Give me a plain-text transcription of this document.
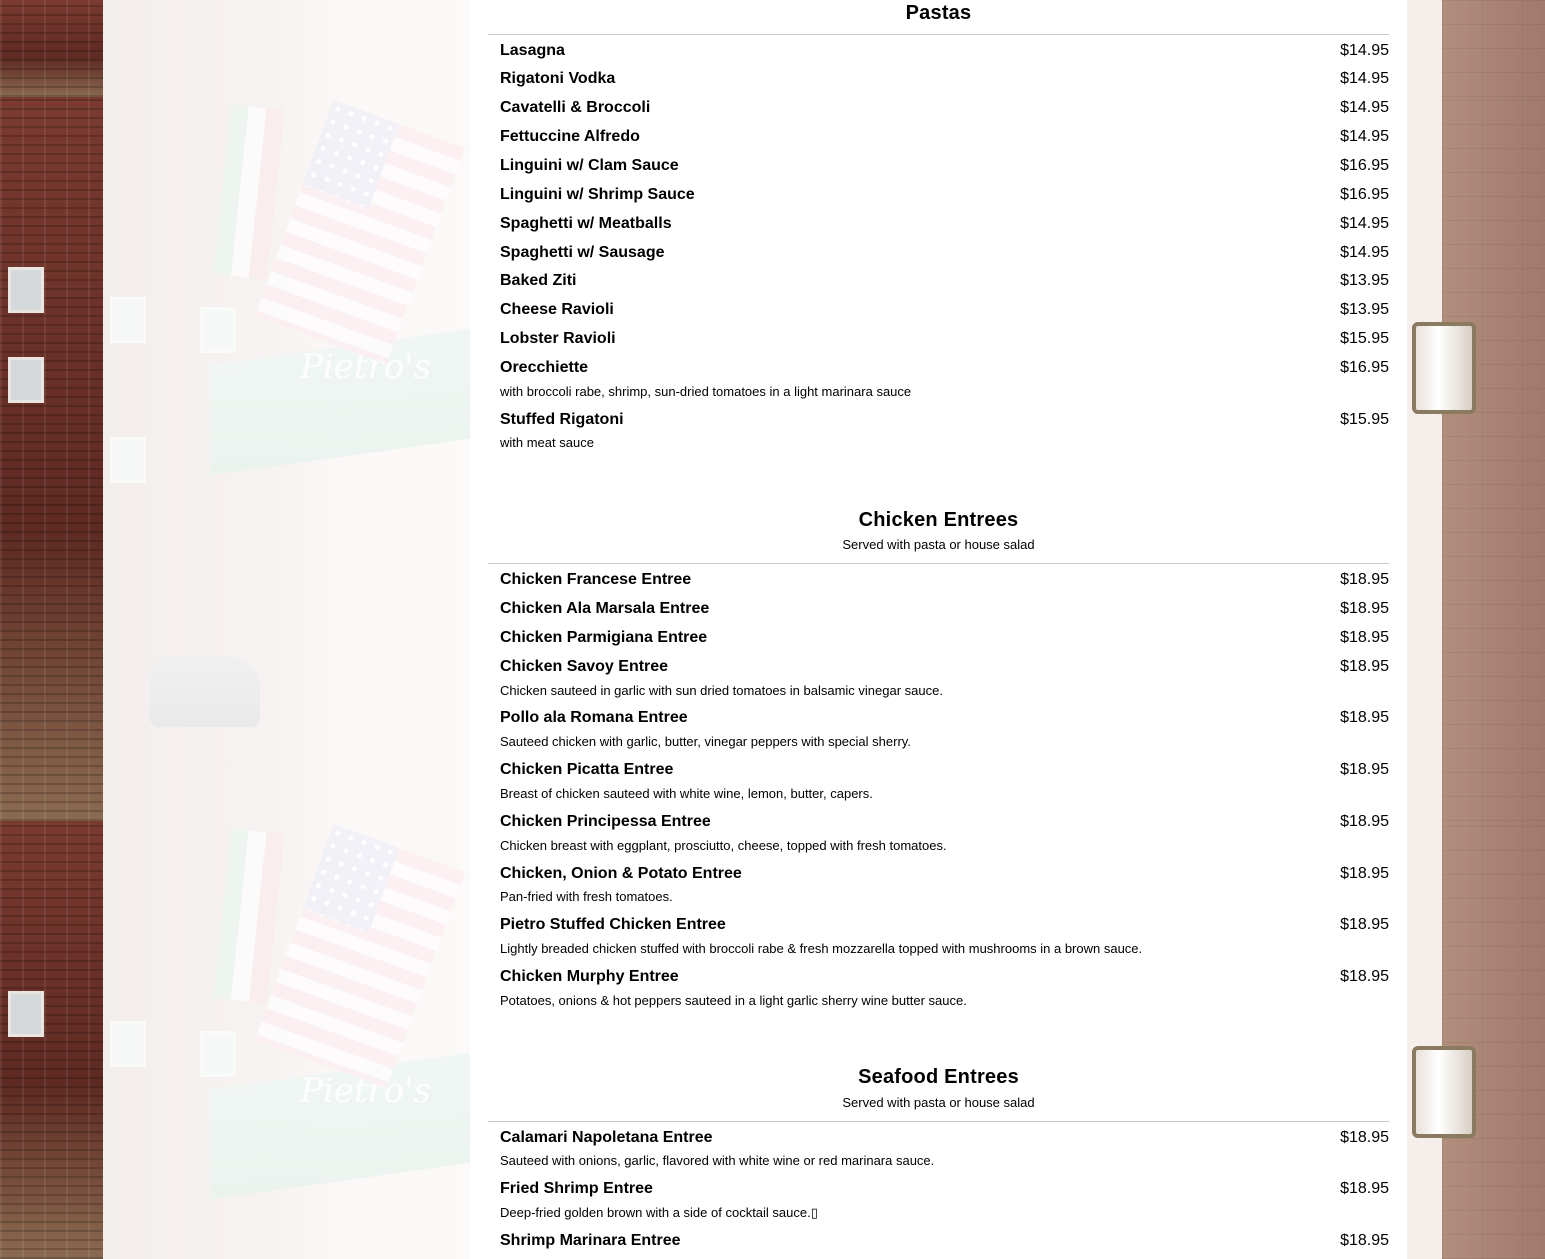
Pastas
Lasagna	$14.95
Rigatoni Vodka	$14.95
Cavatelli & Broccoli	$14.95
Fettuccine Alfredo	$14.95
Linguini w/ Clam Sauce	$16.95
Linguini w/ Shrimp Sauce	$16.95
Spaghetti w/ Meatballs	$14.95
Spaghetti w/ Sausage	$14.95
Baked Ziti	$13.95
Cheese Ravioli	$13.95
Lobster Ravioli	$15.95
Orecchiette	$16.95
with broccoli rabe, shrimp, sun-dried tomatoes in a light marinara sauce
Stuffed Rigatoni	$15.95
with meat sauce
Chicken Entrees
Served with pasta or house salad
Chicken Francese Entree	$18.95
Chicken Ala Marsala Entree	$18.95
Chicken Parmigiana Entree	$18.95
Chicken Savoy Entree	$18.95
Chicken sauteed in garlic with sun dried tomatoes in balsamic vinegar sauce.
Pollo ala Romana Entree	$18.95
Sauteed chicken with garlic, butter, vinegar peppers with special sherry.
Chicken Picatta Entree	$18.95
Breast of chicken sauteed with white wine, lemon, butter, capers.
Chicken Principessa Entree	$18.95
Chicken breast with eggplant, prosciutto, cheese, topped with fresh tomatoes.
Chicken, Onion & Potato Entree	$18.95
Pan-fried with fresh tomatoes.
Pietro Stuffed Chicken Entree	$18.95
Lightly breaded chicken stuffed with broccoli rabe & fresh mozzarella topped with mushrooms in a brown sauce.
Chicken Murphy Entree	$18.95
Potatoes, onions & hot peppers sauteed in a light garlic sherry wine butter sauce.
Seafood Entrees
Served with pasta or house salad
Calamari Napoletana Entree	$18.95
Sauteed with onions, garlic, flavored with white wine or red marinara sauce.
Fried Shrimp Entree	$18.95
Deep-fried golden brown with a side of cocktail sauce.▯
Shrimp Marinara Entree	$18.95
